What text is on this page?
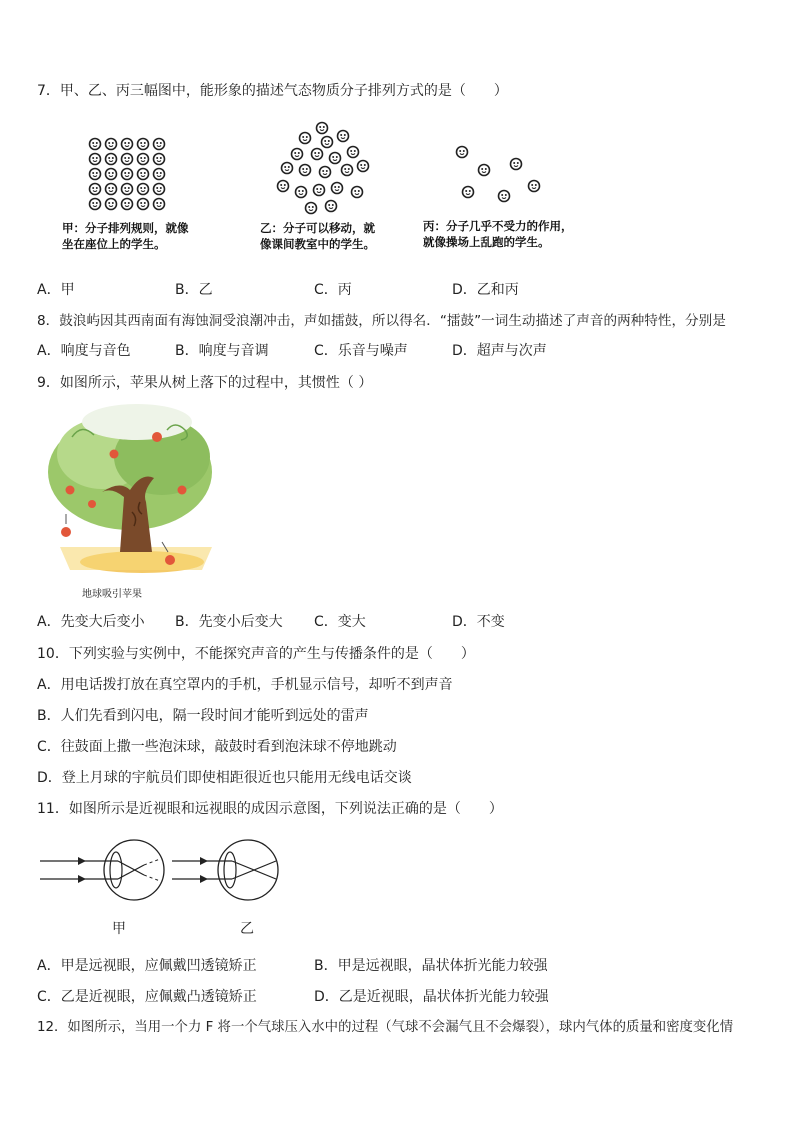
7．甲、乙、丙三幅图中，能形象的描述气态物质分子排列方式的是（　　）
甲：分子排列规则，就像
坐在座位上的学生。
乙：分子可以移动，就
像课间教室中的学生。
丙：分子几乎不受力的作用，
就像操场上乱跑的学生。
A．甲	B．乙	C．丙	D．乙和丙
8．鼓浪屿因其西南面有海蚀洞受浪潮冲击，声如擂鼓，所以得名．“擂鼓”一词生动描述了声音的两种特性，分别是
A．响度与音色	B．响度与音调	C．乐音与噪声	D．超声与次声
9．如图所示，苹果从树上落下的过程中，其惯性（ ）
地球吸引苹果
A．先变大后变小 B．先变小后变大 C．变大	D．不变
10．下列实验与实例中，不能探究声音的产生与传播条件的是（　　）
A．用电话拨打放在真空罩内的手机，手机显示信号，却听不到声音
B．人们先看到闪电，隔一段时间才能听到远处的雷声
C．往鼓面上撒一些泡沫球，敲鼓时看到泡沫球不停地跳动
D．登上月球的宇航员们即使相距很近也只能用无线电话交谈
11．如图所示是近视眼和远视眼的成因示意图，下列说法正确的是（　　）
甲	乙
A．甲是远视眼，应佩戴凹透镜矫正	B．甲是远视眼，晶状体折光能力较强
C．乙是近视眼，应佩戴凸透镜矫正	D．乙是近视眼，晶状体折光能力较强
12．如图所示，当用一个力 F 将一个气球压入水中的过程（气球不会漏气且不会爆裂），球内气体的质量和密度变化情
